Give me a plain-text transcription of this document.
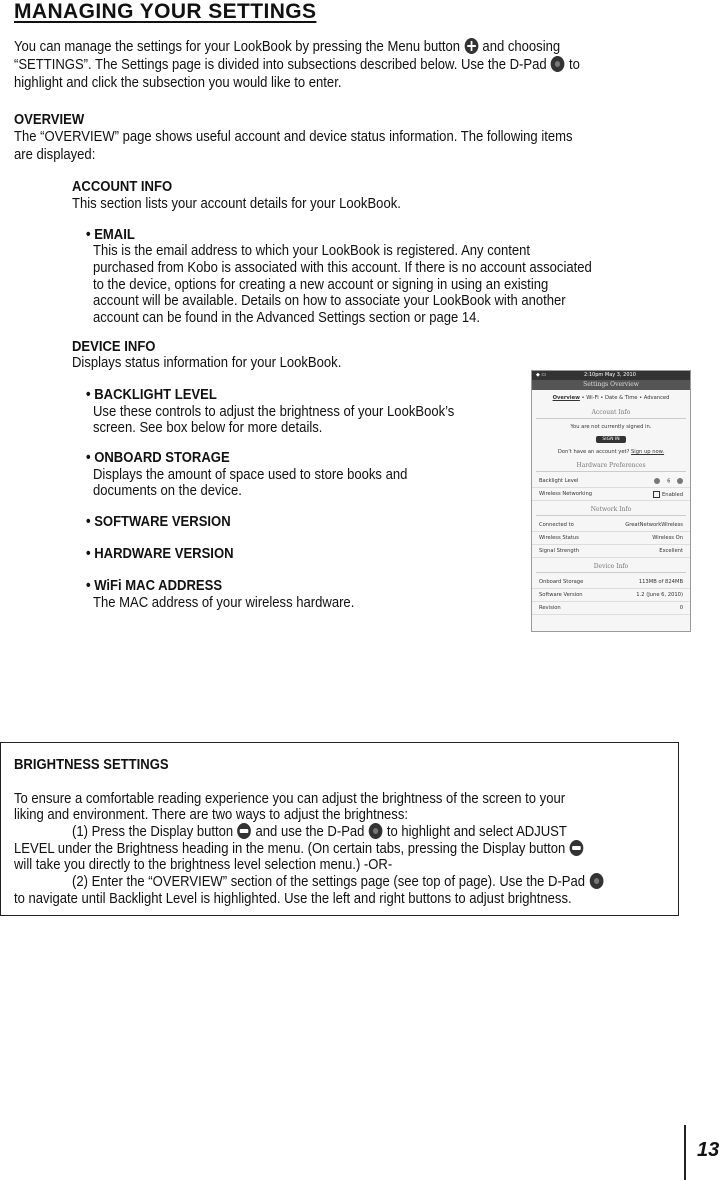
MANAGING YOUR SETTINGS

You can manage the settings for your LookBook by pressing the Menu button and choosing

“SETTINGS”. The Settings page is divided into subsections described below. Use the D-Pad to

highlight and click the subsection you would like to enter.

OVERVIEW

The “OVERVIEW” page shows useful account and device status information. The following items

are displayed:

ACCOUNT INFO

This section lists your account details for your LookBook.

• EMAIL

This is the email address to which your LookBook is registered. Any content

purchased from Kobo is associated with this account. If there is no account associated

to the device, options for creating a new account or signing in using an existing

account will be available. Details on how to associate your LookBook with another

account can be found in the Advanced Settings section or page 14.

DEVICE INFO

Displays status information for your LookBook.

• BACKLIGHT LEVEL

Use these controls to adjust the brightness of your LookBook’s

screen. See box below for more details.

• ONBOARD STORAGE

Displays the amount of space used to store books and

documents on the device.

• SOFTWARE VERSION

• HARDWARE VERSION

• WiFi MAC ADDRESS

The MAC address of your wireless hardware.

◆ ▭	2:10pm May 3, 2010
Settings Overview
Overview • Wi-Fi • Date & Time • Advanced
Account Info
You are not currently signed in.
SIGN IN
Don't have an account yet? Sign up now.
Hardware Preferences
Backlight Level	6
Wireless Networking	Enabled
Network Info
Connected to	GreatNetworkWireless
Wireless Status	Wireless On
Signal Strength	Excellent
Device Info
Onboard Storage	113MB of 824MB
Software Version	1.2 (June 6, 2010)
Revision	0

BRIGHTNESS SETTINGS

To ensure a comfortable reading experience you can adjust the brightness of the screen to your

liking and environment. There are two ways to adjust the brightness:

(1) Press the Display button and use the D-Pad to highlight and select ADJUST

LEVEL under the Brightness heading in the menu. (On certain tabs, pressing the Display button

will take you directly to the brightness level selection menu.) -OR-

(2) Enter the “OVERVIEW” section of the settings page (see top of page). Use the D-Pad

to navigate until Backlight Level is highlighted. Use the left and right buttons to adjust brightness.

13
